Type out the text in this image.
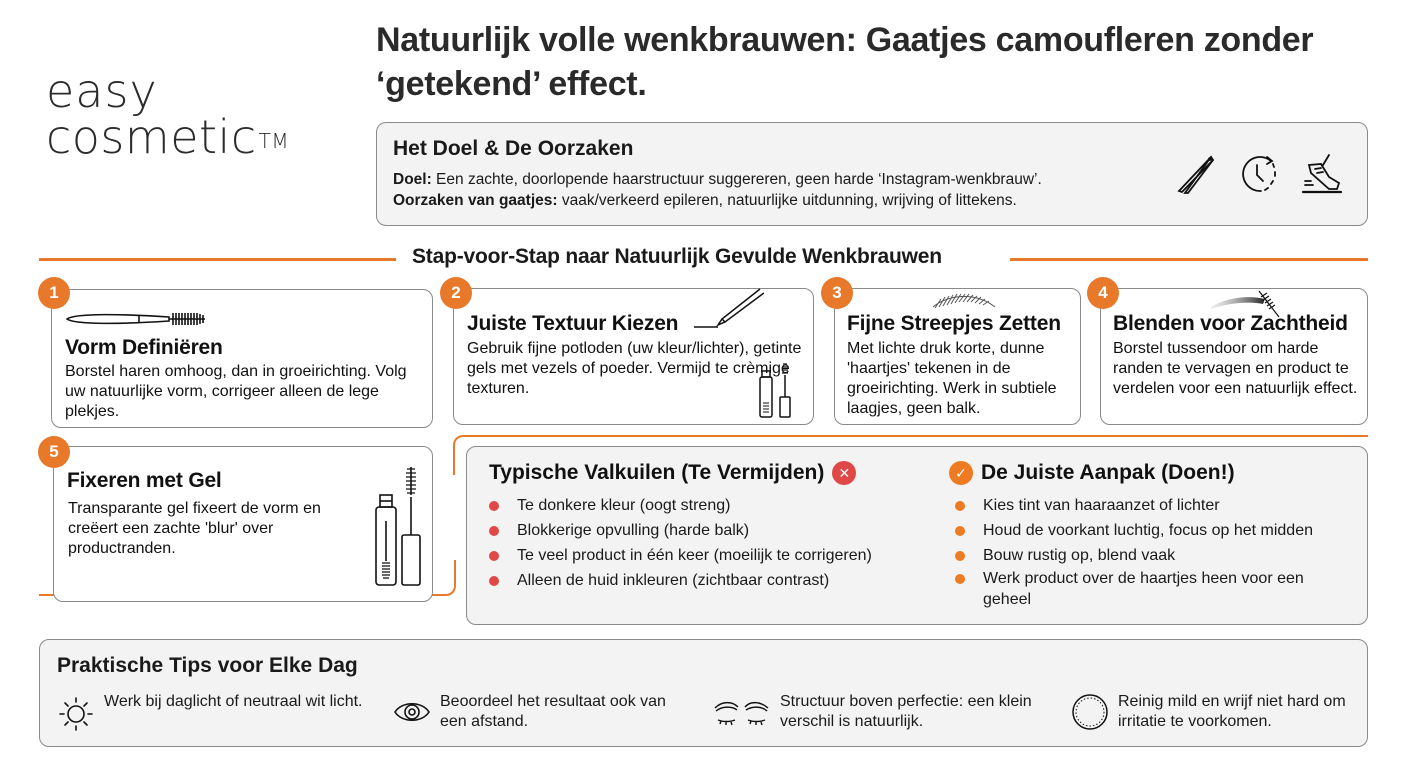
easy
cosmetic ™
Natuurlijk volle wenkbrauwen: Gaatjes camoufleren zonder ‘getekend’ effect.
Het Doel & De Oorzaken
Doel: Een zachte, doorlopende haarstructuur suggereren, geen harde ‘Instagram-wenkbrauw’.
Oorzaken van gaatjes: vaak/verkeerd epileren, natuurlijke uitdunning, wrijving of littekens.
Stap-voor-Stap naar Natuurlijk Gevulde Wenkbrauwen
Vorm Definiëren

Borstel haren omhoog, dan in groeirichting. Volg uw natuurlijke vorm, corrigeer alleen de lege plekjes.

1
Juiste Textuur Kiezen

Gebruik fijne potloden (uw kleur/lichter), getinte gels met vezels of poeder. Vermijd te crèmige texturen.

2
Fijne Streepjes Zetten

Met lichte druk korte, dunne 'haartjes' tekenen in de groeirichting. Werk in subtiele laagjes, geen balk.

3
Blenden voor Zachtheid

Borstel tussendoor om harde randen te vervagen en product te verdelen voor een natuurlijk effect.

4
Fixeren met Gel

Transparante gel fixeert de vorm en creëert een zachte 'blur' over productranden.

5
Typische Valkuilen (Te Vermijden)	✕
Te donkere kleur (oogt streng)
Blokkerige opvulling (harde balk)
Te veel product in één keer (moeilijk te corrigeren)
Alleen de huid inkleuren (zichtbaar contrast)
✓ De Juiste Aanpak (Doen!)
Kies tint van haaraanzet of lichter
Houd de voorkant luchtig, focus op het midden
Bouw rustig op, blend vaak
Werk product over de haartjes heen voor een geheel
Praktische Tips voor Elke Dag
Werk bij daglicht of neutraal wit licht.	Beoordeel het resultaat ook van een afstand.
Structuur boven perfectie: een klein verschil is natuurlijk.
Reinig mild en wrijf niet hard om irritatie te voorkomen.
